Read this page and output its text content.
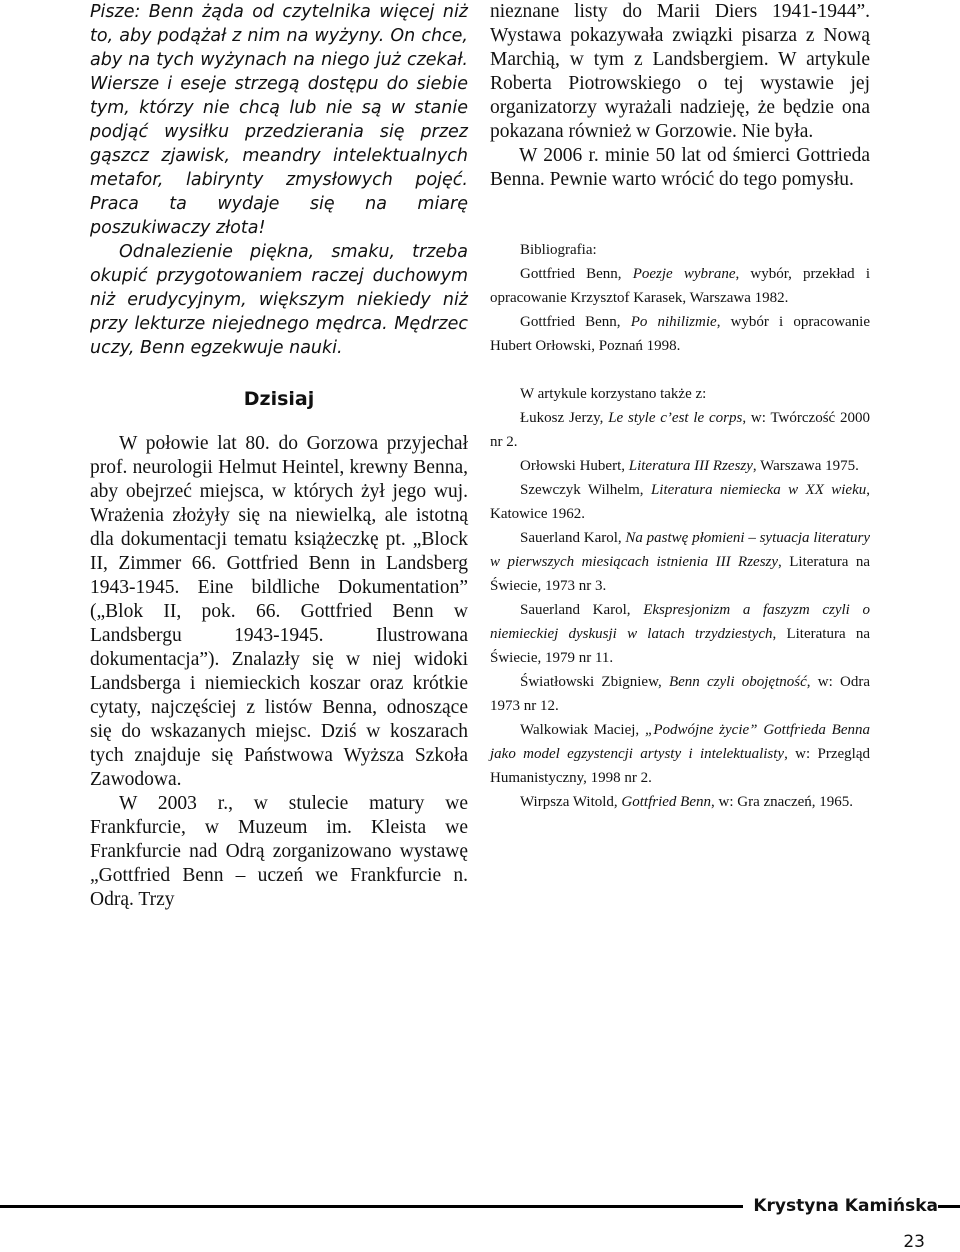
Pisze: Benn żąda od czytelnika więcej niż to, aby podążał z nim na wyżyny. On chce, aby na tych wyżynach na niego już czekał. Wiersze i eseje strzegą dostępu do siebie tym, którzy nie chcą lub nie są w stanie podjąć wysiłku przedzierania się przez gąszcz zjawisk, meandry intelektualnych metafor, labirynty zmysłowych pojęć. Praca ta wydaje się na miarę poszukiwaczy złota!

Odnalezienie piękna, smaku, trzeba okupić przygotowaniem raczej duchowym niż erudycyjnym, większym niekiedy niż przy lekturze niejednego mędrca. Mędrzec uczy, Benn egzekwuje nauki.

Dzisiaj

W połowie lat 80. do Gorzowa przyjechał prof. neurologii Helmut Heintel, krewny Benna, aby obejrzeć miejsca, w których żył jego wuj. Wrażenia złożyły się na niewielką, ale istotną dla dokumentacji tematu książeczkę pt. „Block II, Zimmer 66. Gottfried Benn in Landsberg 1943-1945. Eine bildliche Dokumentation” („Blok II, pok. 66. Gottfried Benn w Landsbergu 1943-1945. Ilustrowana dokumentacja”). Znalazły się w niej widoki Landsberga i niemieckich koszar oraz krótkie cytaty, najczęściej z listów Benna, odnoszące się do wskazanych miejsc. Dziś w koszarach tych znajduje się Państwowa Wyższa Szkoła Zawodowa.

W 2003 r., w stulecie matury we Frankfurcie, w Muzeum im. Kleista we Frankfurcie nad Odrą zorganizowano wystawę „Gottfried Benn – uczeń we Frankfurcie n. Odrą. Trzy

nieznane listy do Marii Diers 1941-1944”. Wystawa pokazywała związki pisarza z Nową Marchią, w tym z Landsbergiem. W artykule Roberta Piotrowskiego o tej wystawie jej organizatorzy wyrażali nadzieję, że będzie ona pokazana również w Gorzowie. Nie była.

W 2006 r. minie 50 lat od śmierci Gottrieda Benna. Pewnie warto wrócić do tego pomysłu.

Bibliografia:

Gottfried Benn, Poezje wybrane, wybór, przekład i opracowanie Krzysztof Karasek, Warszawa 1982.

Gottfried Benn, Po nihilizmie, wybór i opracowanie Hubert Orłowski, Poznań 1998.

W artykule korzystano także z:

Łukosz Jerzy, Le style c’est le corps, w: Twórczość 2000 nr 2.

Orłowski Hubert, Literatura III Rzeszy, Warszawa 1975.

Szewczyk Wilhelm, Literatura niemiecka w XX wieku, Katowice 1962.

Sauerland Karol, Na pastwę płomieni – sytuacja literatury w pierwszych miesiącach istnienia III Rzeszy, Literatura na Świecie, 1973 nr 3.

Sauerland Karol, Ekspresjonizm a faszyzm czyli o niemieckiej dyskusji w latach trzydziestych, Literatura na Świecie, 1979 nr 11.

Światłowski Zbigniew, Benn czyli obojętność, w: Odra 1973 nr 12.

Walkowiak Maciej, „Podwójne życie” Gottfrieda Benna jako model egzystencji artysty i intelektualisty, w: Przegląd Humanistyczny, 1998 nr 2.

Wirpsza Witold, Gottfried Benn, w: Gra znaczeń, 1965.

Krystyna Kamińska
23
